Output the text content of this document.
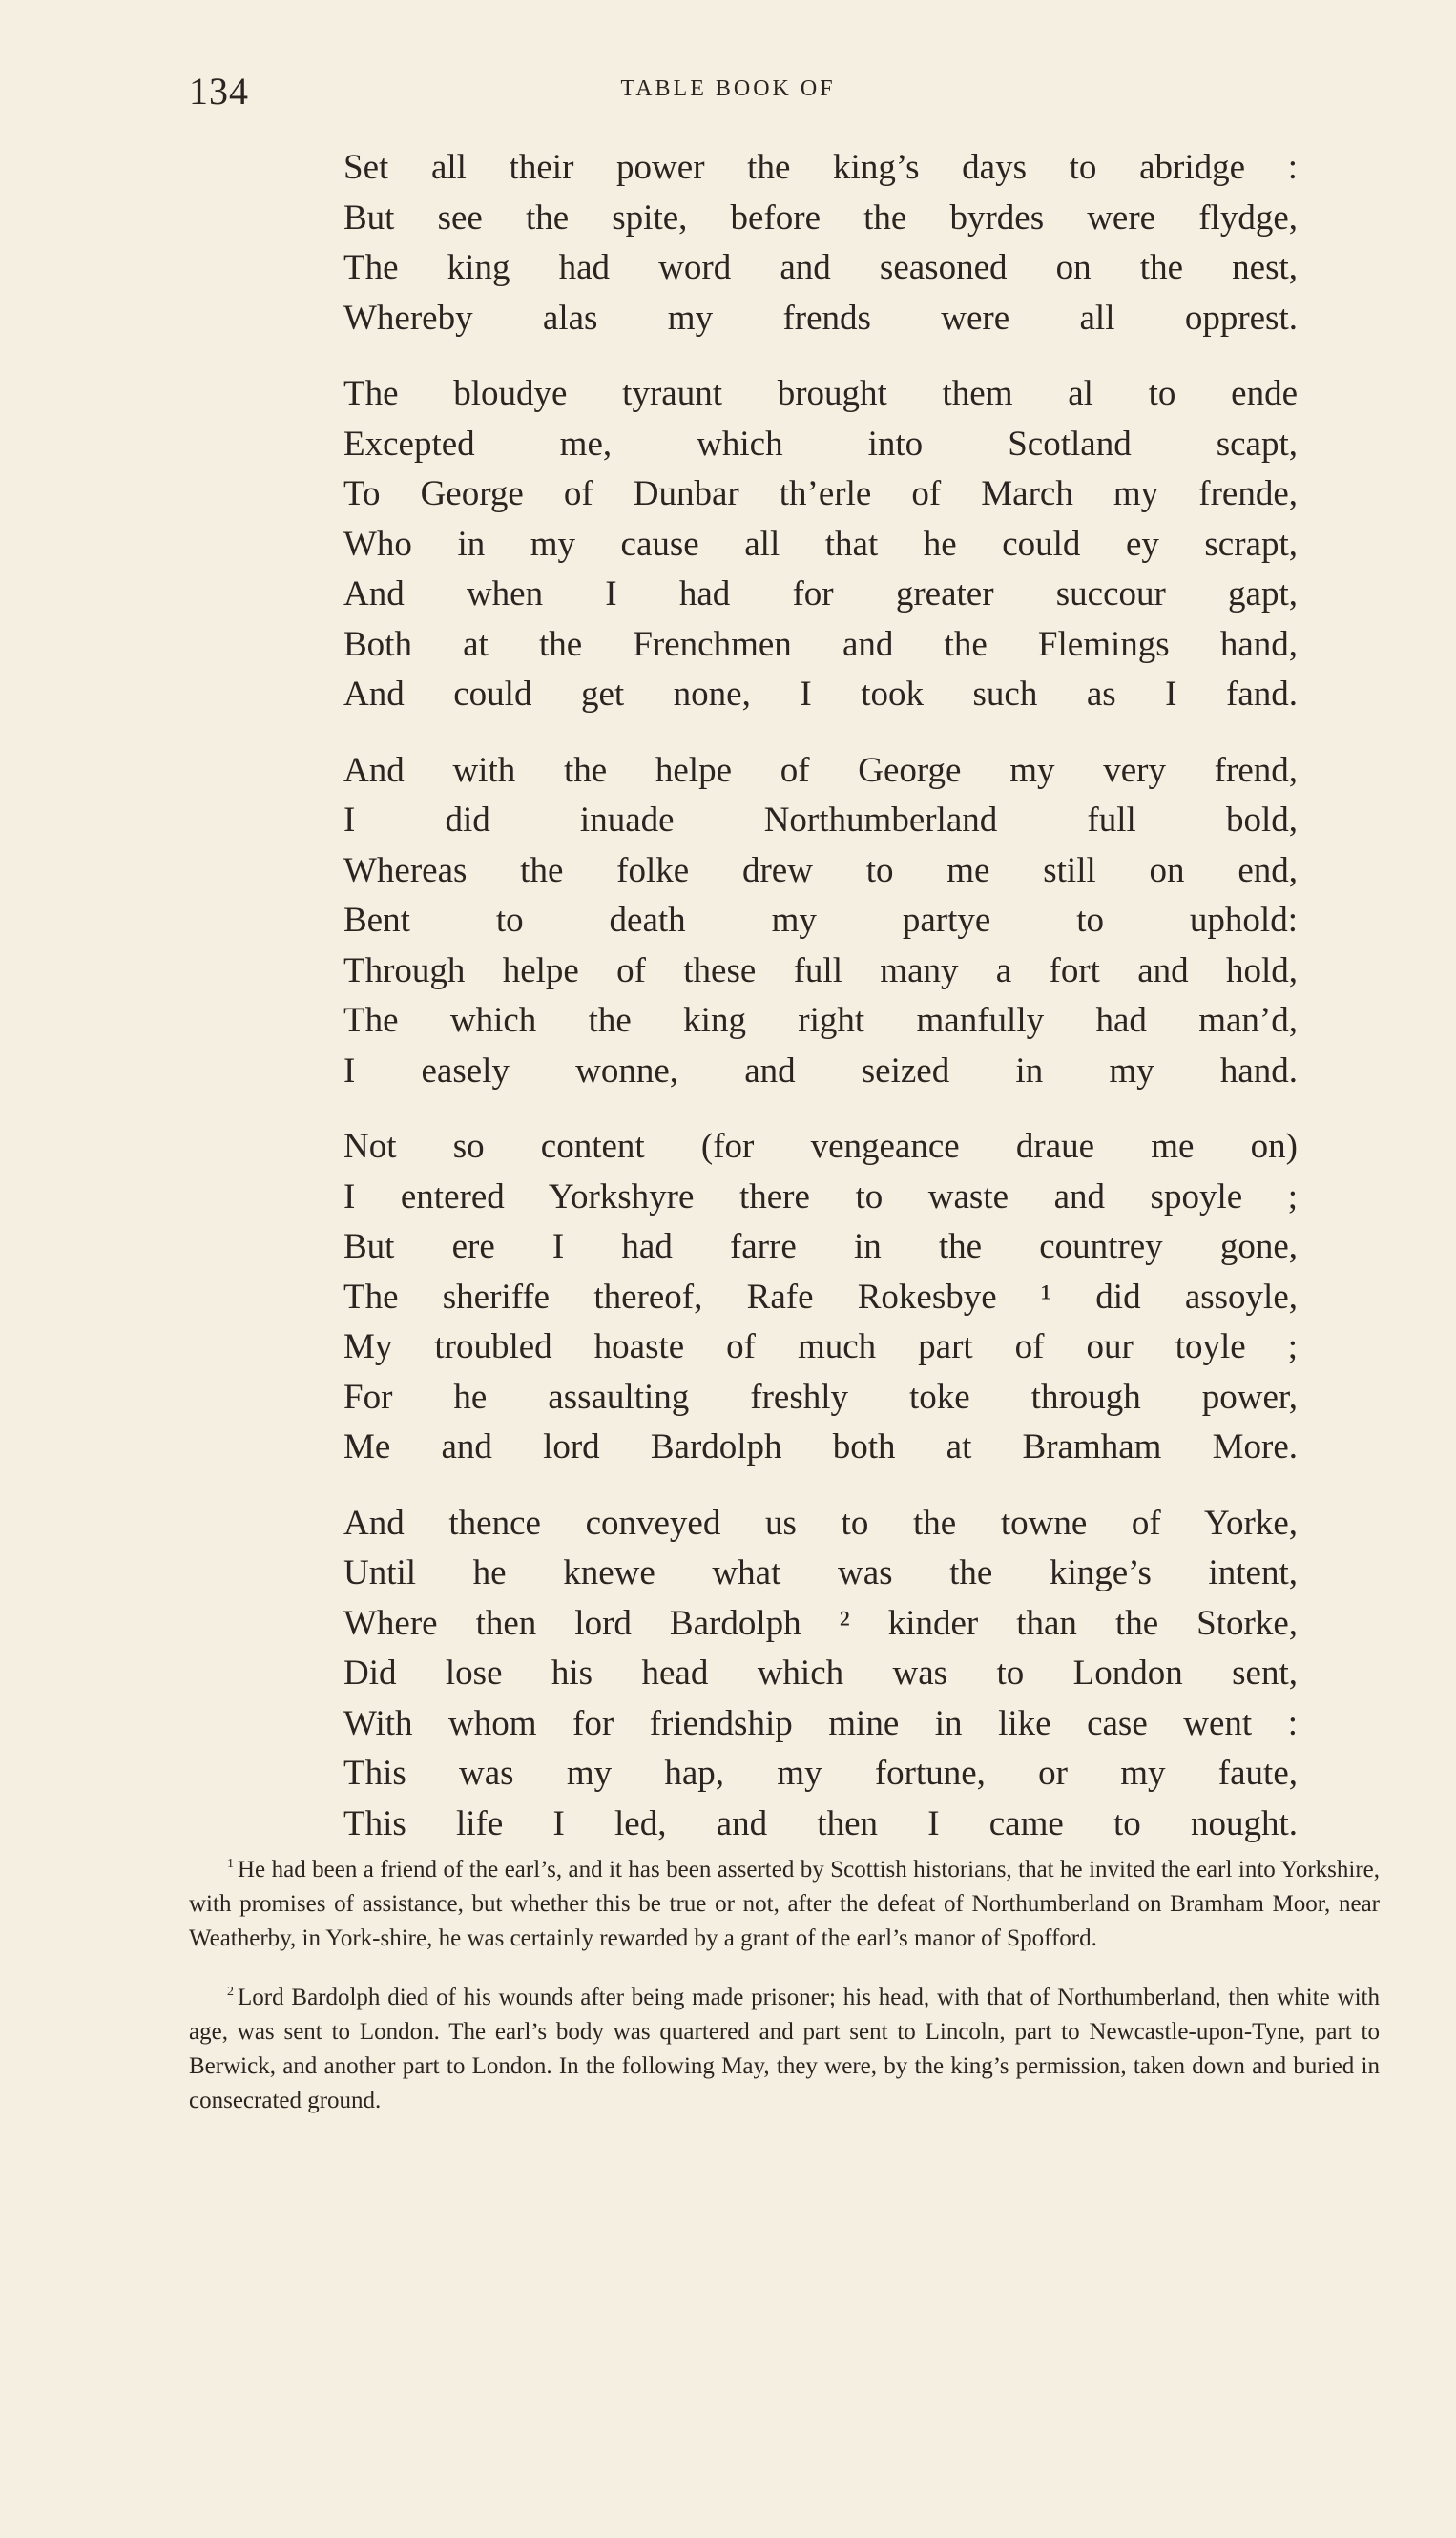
134	TABLE BOOK OF
Set all their power the king’s days to abridge :
But see the spite, before the byrdes were flydge,
The king had word and seasoned on the nest,
Whereby alas my frends were all opprest.
The bloudye tyraunt brought them al to ende
Excepted me, which into Scotland scapt,
To George of Dunbar th’erle of March my frende,
Who in my cause all that he could ey scrapt,
And when I had for greater succour gapt,
Both at the Frenchmen and the Flemings hand,
And could get none, I took such as I fand.
And with the helpe of George my very frend,
I did inuade Northumberland full bold,
Whereas the folke drew to me still on end,
Bent to death my partye to uphold:
Through helpe of these full many a fort and hold,
The which the king right manfully had man’d,
I easely wonne, and seized in my hand.
Not so content (for vengeance draue me on)
I entered Yorkshyre there to waste and spoyle ;
But ere I had farre in the countrey gone,
The sheriffe thereof, Rafe Rokesbye ¹ did assoyle,
My troubled hoaste of much part of our toyle ;
For he assaulting freshly toke through power,
Me and lord Bardolph both at Bramham More.
And thence conveyed us to the towne of Yorke,
Until he knewe what was the kinge’s intent,
Where then lord Bardolph ² kinder than the Storke,
Did lose his head which was to London sent,
With whom for friendship mine in like case went :
This was my hap, my fortune, or my faute,
This life I led, and then I came to nought.

$^1$ He had been a friend of the earl’s, and it has been asserted by Scottish historians, that he invited the earl into Yorkshire, with promises of assistance, but whether this be true or not, after the defeat of Northumberland on Bramham Moor, near Weatherby, in York-shire, he was certainly rewarded by a grant of the earl’s manor of Spofford.

$^2$ Lord Bardolph died of his wounds after being made prisoner; his head, with that of Northumberland, then white with age, was sent to London. The earl’s body was quartered and part sent to Lincoln, part to Newcastle-upon-Tyne, part to Berwick, and another part to London. In the following May, they were, by the king’s permission, taken down and buried in consecrated ground.
